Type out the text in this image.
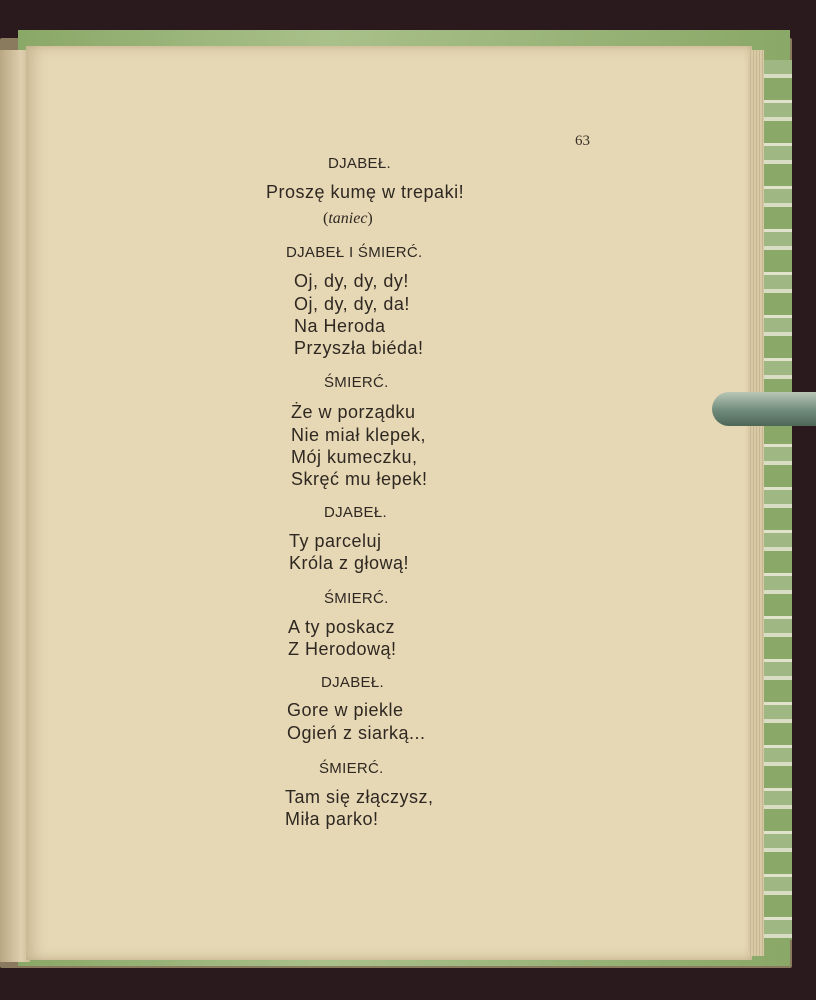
63
DJABEŁ.
Proszę kumę w trepaki!
(taniec)
DJABEŁ I ŚMIERĆ.
Oj, dy, dy, dy!
Oj, dy, dy, da!
Na Heroda
Przyszła biéda!
ŚMIERĆ.
Że w porządku
Nie miał klepek,
Mój kumeczku,
Skręć mu łepek!
DJABEŁ.
Ty parceluj
Króla z głową!
ŚMIERĆ.
A ty poskacz
Z Herodową!
DJABEŁ.
Gore w piekle
Ogień z siarką...
ŚMIERĆ.
Tam się złączysz,
Miła parko!
